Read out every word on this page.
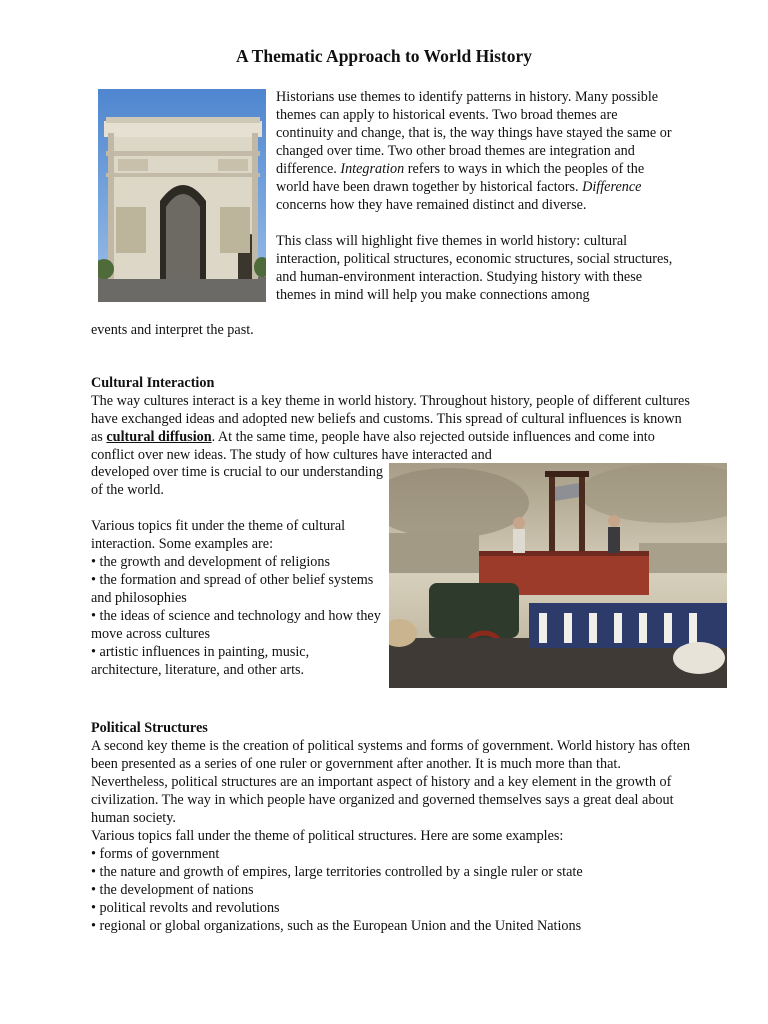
A Thematic Approach to World History

Historians use themes to identify patterns in history. Many possible themes can apply to historical events. Two broad themes are continuity and change, that is, the way things have stayed the same or changed over time. Two other broad themes are integration and difference. Integration refers to ways in which the peoples of the world have been drawn together by historical factors. Difference concerns how they have remained distinct and diverse.

This class will highlight five themes in world history: cultural interaction, political structures, economic structures, social structures, and human-environment interaction. Studying history with these themes in mind will help you make connections among

events and interpret the past.
Cultural Interaction
The way cultures interact is a key theme in world history. Throughout history, people of different cultures have exchanged ideas and adopted new beliefs and customs. This spread of cultural influences is known as cultural diffusion. At the same time, people have also rejected outside influences and come into conflict over new ideas. The study of how cultures have interacted and
developed over time is crucial to our understanding of the world.
Various topics fit under the theme of cultural interaction. Some examples are:
• the growth and development of religions
• the formation and spread of other belief systems and philosophies
• the ideas of science and technology and how they move across cultures
• artistic influences in painting, music, architecture, literature, and other arts.
Political Structures
A second key theme is the creation of political systems and forms of government. World history has often been presented as a series of one ruler or government after another. It is much more than that. Nevertheless, political structures are an important aspect of history and a key element in the growth of civilization. The way in which people have organized and governed themselves says a great deal about human society.
Various topics fall under the theme of political structures. Here are some examples:
• forms of government
• the nature and growth of empires, large territories controlled by a single ruler or state
• the development of nations
• political revolts and revolutions
• regional or global organizations, such as the European Union and the United Nations
